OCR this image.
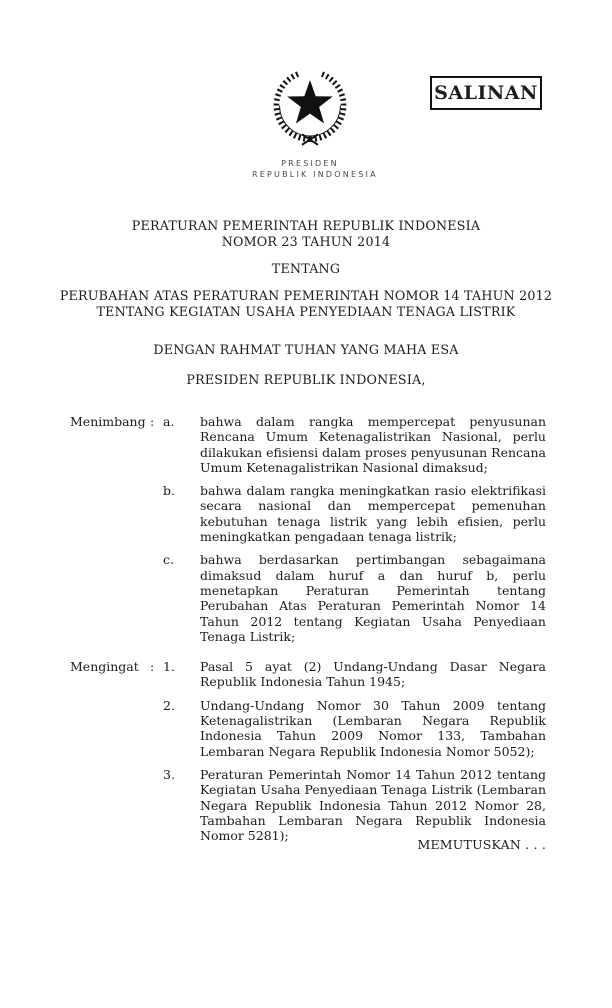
PRESIDEN
REPUBLIK INDONESIA
SALINAN
PERATURAN PEMERINTAH REPUBLIK INDONESIA
NOMOR 23 TAHUN 2014
TENTANG
PERUBAHAN ATAS PERATURAN PEMERINTAH NOMOR 14 TAHUN 2012
TENTANG KEGIATAN USAHA PENYEDIAAN TENAGA LISTRIK
DENGAN RAHMAT TUHAN YANG MAHA ESA
PRESIDEN REPUBLIK INDONESIA,
Menimbang : a.	bahwa dalam rangka mempercepat penyusunan Rencana Umum Ketenagalistrikan Nasional, perlu dilakukan efisiensi dalam proses penyusunan Rencana Umum Ketenagalistrikan Nasional dimaksud;
b.	bahwa dalam rangka meningkatkan rasio elektrifikasi secara nasional dan mempercepat pemenuhan kebutuhan tenaga listrik yang lebih efisien, perlu meningkatkan pengadaan tenaga listrik;
c.	bahwa berdasarkan pertimbangan sebagaimana dimaksud dalam huruf a dan huruf b, perlu menetapkan Peraturan Pemerintah tentang Perubahan Atas Peraturan Pemerintah Nomor 14 Tahun 2012 tentang Kegiatan Usaha Penyediaan Tenaga Listrik;
Mengingat : 1.	Pasal 5 ayat (2) Undang-Undang Dasar Negara Republik Indonesia Tahun 1945;
2.	Undang-Undang Nomor 30 Tahun 2009 tentang Ketenagalistrikan (Lembaran Negara Republik Indonesia Tahun 2009 Nomor 133, Tambahan Lembaran Negara Republik Indonesia Nomor 5052);
3.	Peraturan Pemerintah Nomor 14 Tahun 2012 tentang Kegiatan Usaha Penyediaan Tenaga Listrik (Lembaran Negara Republik Indonesia Tahun 2012 Nomor 28, Tambahan Lembaran Negara Republik Indonesia Nomor 5281);
MEMUTUSKAN . . .
